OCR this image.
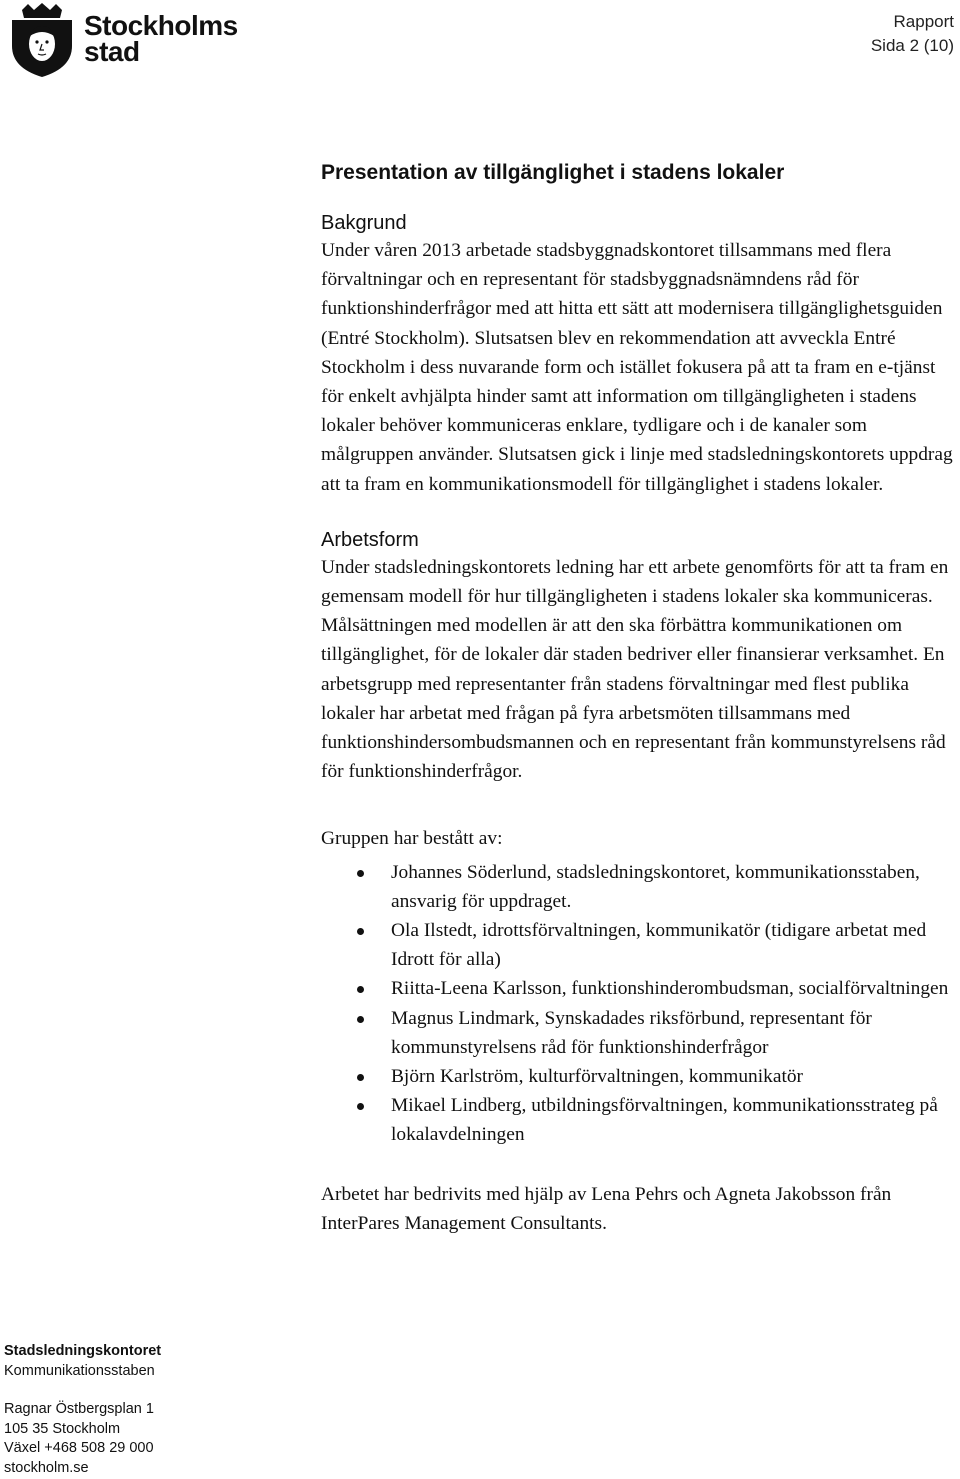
Stockholms
stad
Rapport
Sida 2 (10)
Presentation av tillgänglighet i stadens lokaler
Bakgrund

Under våren 2013 arbetade stadsbyggnadskontoret tillsammans med flera förvaltningar och en representant för stadsbyggnadsnämndens råd för funktionshinderfrågor med att hitta ett sätt att modernisera tillgänglighetsguiden (Entré Stockholm). Slutsatsen blev en rekommendation att avveckla Entré Stockholm i dess nuvarande form och istället fokusera på att ta fram en e-tjänst för enkelt avhjälpta hinder samt att information om tillgängligheten i stadens lokaler behöver kommuniceras enklare, tydligare och i de kanaler som målgruppen använder. Slutsatsen gick i linje med stadsledningskontorets uppdrag att ta fram en kommunikationsmodell för tillgänglighet i stadens lokaler.

Arbetsform

Under stadsledningskontorets ledning har ett arbete genomförts för att ta fram en gemensam modell för hur tillgängligheten i stadens lokaler ska kommuniceras. Målsättningen med modellen är att den ska förbättra kommunikationen om tillgänglighet, för de lokaler där staden bedriver eller finansierar verksamhet. En arbetsgrupp med representanter från stadens förvaltningar med flest publika lokaler har arbetat med frågan på fyra arbetsmöten tillsammans med funktionshindersombudsmannen och en representant från kommunstyrelsens råd för funktionshinderfrågor.

Gruppen har bestått av:

Johannes Söderlund, stadsledningskontoret, kommunikationsstaben, ansvarig för uppdraget.
Ola Ilstedt, idrottsförvaltningen, kommunikatör (tidigare arbetat med Idrott för alla)
Riitta-Leena Karlsson, funktionshinderombudsman, socialförvaltningen
Magnus Lindmark, Synskadades riksförbund, representant för kommunstyrelsens råd för funktionshinderfrågor
Björn Karlström, kulturförvaltningen, kommunikatör
Mikael Lindberg, utbildningsförvaltningen, kommunikationsstrateg på lokalavdelningen

Arbetet har bedrivits med hjälp av Lena Pehrs och Agneta Jakobsson från InterPares Management Consultants.

Stadsledningskontoret
Kommunikationsstaben
Ragnar Östbergsplan 1
105 35 Stockholm
Växel +468 508 29 000
stockholm.se
